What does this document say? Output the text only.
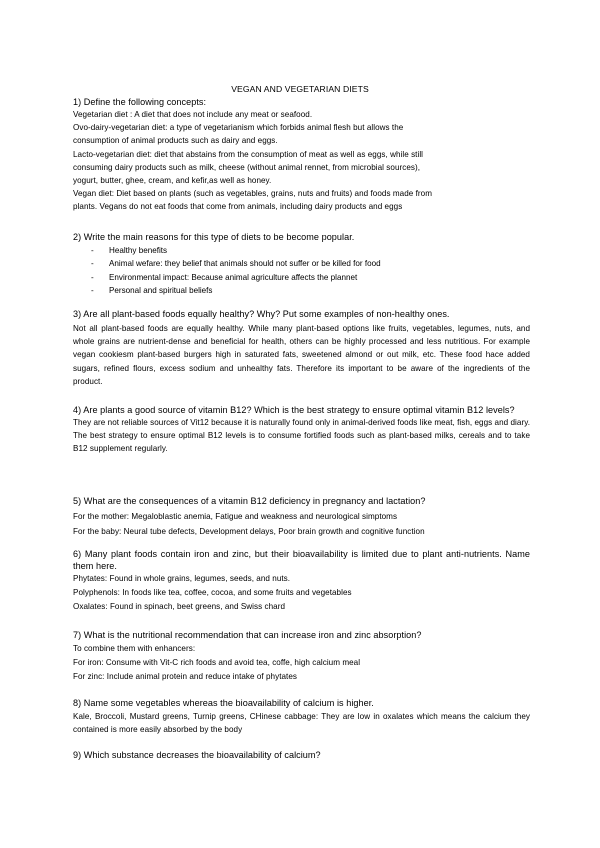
VEGAN AND VEGETARIAN DIETS

1) Define the following concepts:

Vegetarian diet : A diet that does not include any meat or seafood.

Ovo-dairy-vegetarian diet: a type of vegetarianism which forbids animal flesh but allows the

consumption of animal products such as dairy and eggs.

Lacto-vegetarian diet: diet that abstains from the consumption of meat as well as eggs, while still

consuming dairy products such as milk, cheese (without animal rennet, from microbial sources),

yogurt, butter, ghee, cream, and kefir,as well as honey.

Vegan diet: Diet based on plants (such as vegetables, grains, nuts and fruits) and foods made from

plants. Vegans do not eat foods that come from animals, including dairy products and eggs

2) Write the main reasons for this type of diets to be become popular.

- Healthy benefits
- Animal wefare: they belief that animals should not suffer or be killed for food
- Environmental impact: Because animal agriculture affects the plannet
- Personal and spiritual beliefs

3) Are all plant-based foods equally healthy? Why? Put some examples of non-healthy ones.

Not all plant-based foods are equally healthy. While many plant-based options like fruits, vegetables, legumes, nuts, and whole grains are nutrient-dense and beneficial for health, others can be highly processed and less nutritious. For example vegan cookiesm plant-based burgers high in saturated fats, sweetened almond or out milk, etc. These food hace added sugars, refined flours, excess sodium and unhealthy fats. Therefore its important to be aware of the ingredients of the product.

4) Are plants a good source of vitamin B12? Which is the best strategy to ensure optimal vitamin B12 levels?

They are not reliable sources of Vit12 because it is naturally found only in animal-derived foods like meat, fish, eggs and diary.

The best strategy to ensure optimal B12 levels is to consume fortified foods such as plant-based milks, cereals and to take B12 supplement regularly.

5) What are the consequences of a vitamin B12 deficiency in pregnancy and lactation?

For the mother: Megaloblastic anemia, Fatigue and weakness and neurological simptoms

For the baby: Neural tube defects, Development delays, Poor brain growth and cognitive function

6) Many plant foods contain iron and zinc, but their bioavailability is limited due to plant anti-nutrients. Name them here.

Phytates: Found in whole grains, legumes, seeds, and nuts.

Polyphenols: In foods like tea, coffee, cocoa, and some fruits and vegetables

Oxalates: Found in spinach, beet greens, and Swiss chard

7) What is the nutritional recommendation that can increase iron and zinc absorption?

To combine them with enhancers:

For iron: Consume with Vit-C rich foods and avoid tea, coffe, high calcium meal

For zinc: Include animal protein and reduce intake of phytates

8) Name some vegetables whereas the bioavailability of calcium is higher.

Kale, Broccoli, Mustard greens, Turnip greens, CHinese cabbage: They are low in oxalates which means the calcium they contained is more easily absorbed by the body

9) Which substance decreases the bioavailability of calcium?
